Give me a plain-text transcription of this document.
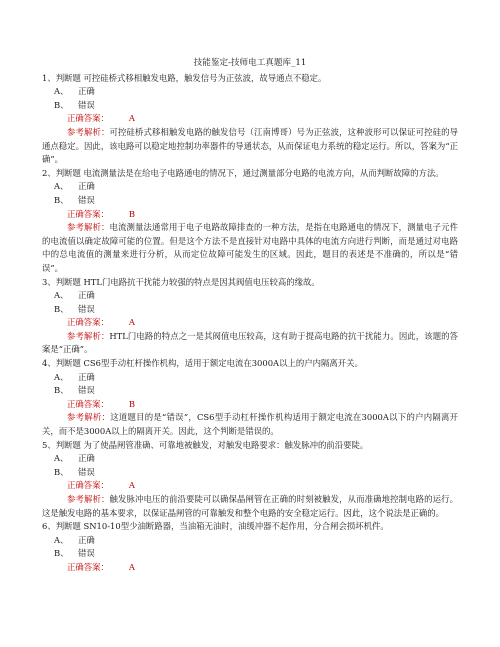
技能鉴定-技师电工真题库_11
1、判断题 可控硅桥式移相触发电路，触发信号为正弦波，故导通点不稳定。
A、 正确
B、 错误
正确答案： A
参考解析：可控硅桥式移相触发电路的触发信号（江南博哥）号为正弦波，这种波形可以保证可控硅的导通点稳定。因此，该电路可以稳定地控制功率器件的导通状态，从而保证电力系统的稳定运行。所以，答案为“正确”。
2、判断题 电流测量法是在给电子电路通电的情况下，通过测量部分电路的电流方向，从而判断故障的方法。
A、 正确
B、 错误
正确答案： B
参考解析：电流测量法通常用于电子电路故障排查的一种方法，是指在电路通电的情况下，测量电子元件的电流值以确定故障可能的位置。但是这个方法不是直接针对电路中具体的电流方向进行判断，而是通过对电路中的总电流值的测量来进行分析，从而定位故障可能发生的区域。因此，题目的表述是不准确的，所以是“错误”。
3、判断题 HTL门电路抗干扰能力较强的特点是因其阀值电压较高的缘故。
A、 正确
B、 错误
正确答案： A
参考解析：HTL门电路的特点之一是其阀值电压较高，这有助于提高电路的抗干扰能力。因此，该题的答案是“正确”。
4、判断题 CS6型手动杠杆操作机构，适用于额定电流在3000A以上的户内隔离开关。
A、 正确
B、 错误
正确答案： B
参考解析：这道题目的是“错误”，CS6型手动杠杆操作机构适用于额定电流在3000A以下的户内隔离开关，而不是3000A以上的隔离开关。因此，这个判断是错误的。
5、判断题 为了使晶闸管准确、可靠地被触发，对触发电路要求：触发脉冲的前沿要陡。
A、 正确
B、 错误
正确答案： A
参考解析：触发脉冲电压的前沿要陡可以确保晶闸管在正确的时刻被触发，从而准确地控制电路的运行。这是触发电路的基本要求，以保证晶闸管的可靠触发和整个电路的安全稳定运行。因此，这个说法是正确的。
6、判断题 SN10-10型少油断路器，当油箱无油时，油缓冲器不起作用，分合闸会损坏机件。
A、 正确
B、 错误
正确答案： A
